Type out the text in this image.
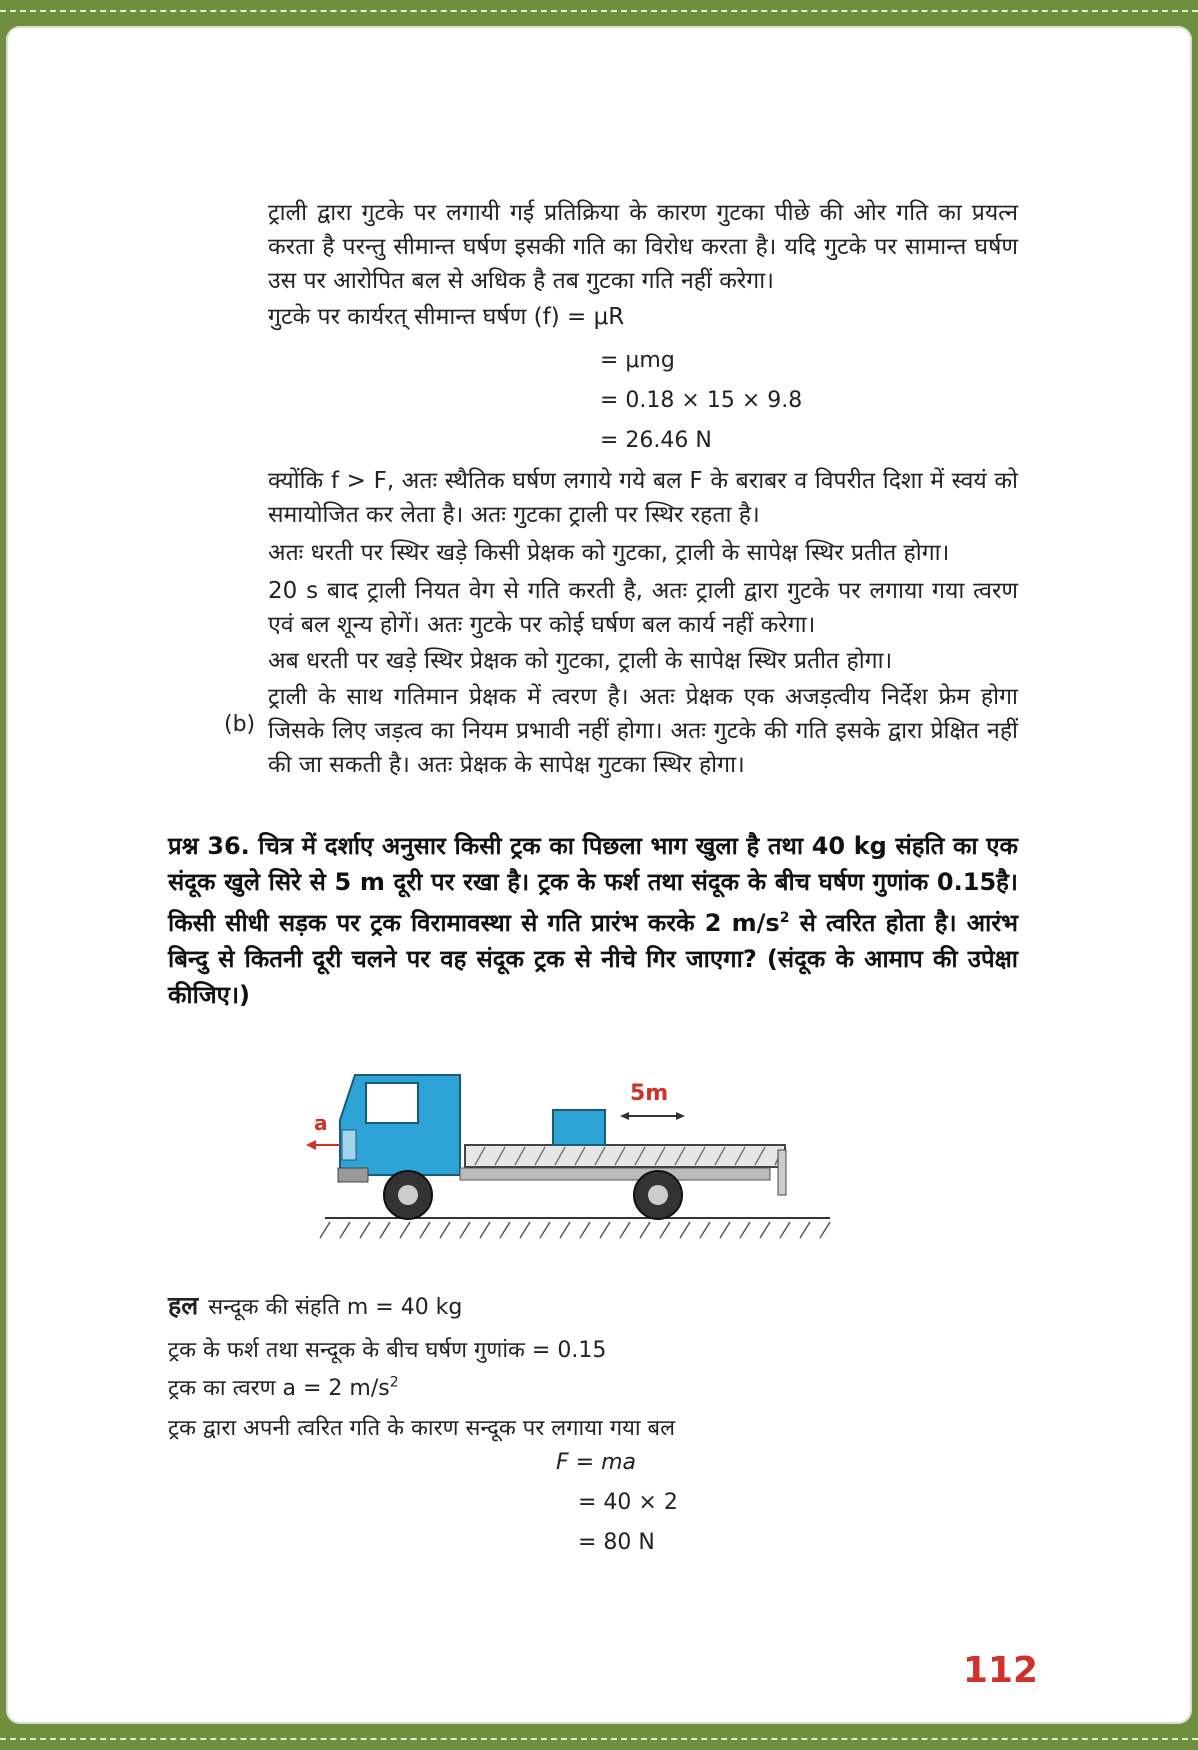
ट्राली द्वारा गुटके पर लगायी गई प्रतिक्रिया के कारण गुटका पीछे की ओर गति का प्रयत्न करता है परन्तु सीमान्त घर्षण इसकी गति का विरोध करता है। यदि गुटके पर सामान्त घर्षण उस पर आरोपित बल से अधिक है तब गुटका गति नहीं करेगा।

गुटके पर कार्यरत् सीमान्त घर्षण (f) = μR

= μmg
= 0.18 × 15 × 9.8
= 26.46 N

क्योंकि f > F, अतः स्थैतिक घर्षण लगाये गये बल F के बराबर व विपरीत दिशा में स्वयं को समायोजित कर लेता है। अतः गुटका ट्राली पर स्थिर रहता है।

अतः धरती पर स्थिर खड़े किसी प्रेक्षक को गुटका, ट्राली के सापेक्ष स्थिर प्रतीत होगा।

20 s बाद ट्राली नियत वेग से गति करती है, अतः ट्राली द्वारा गुटके पर लगाया गया त्वरण एवं बल शून्य होगें। अतः गुटके पर कोई घर्षण बल कार्य नहीं करेगा।

अब धरती पर खड़े स्थिर प्रेक्षक को गुटका, ट्राली के सापेक्ष स्थिर प्रतीत होगा।

ट्राली के साथ गतिमान प्रेक्षक में त्वरण है। अतः प्रेक्षक एक अजड़त्वीय निर्देश फ्रेम होगा जिसके लिए जड़त्व का नियम प्रभावी नहीं होगा। अतः गुटके की गति इसके द्वारा प्रेक्षित नहीं की जा सकती है। अतः प्रेक्षक के सापेक्ष गुटका स्थिर होगा।

(b)
प्रश्न 36. चित्र में दर्शाए अनुसार किसी ट्रक का पिछला भाग खुला है तथा 40 kg संहति का एक संदूक खुले सिरे से 5 m दूरी पर रखा है। ट्रक के फर्श तथा संदूक के बीच घर्षण गुणांक 0.15है। किसी सीधी सड़क पर ट्रक विरामावस्था से गति प्रारंभ करके 2 $m/s^2$ से त्वरित होता है। आरंभ बिन्दु से कितनी दूरी चलने पर वह संदूक ट्रक से नीचे गिर जाएगा? (संदूक के आमाप की उपेक्षा कीजिए।)
a
5m
हल सन्दूक की संहति m = 40 kg
ट्रक के फर्श तथा सन्दूक के बीच घर्षण गुणांक = 0.15
ट्रक का त्वरण a = 2 $m/s^2$
ट्रक द्वारा अपनी त्वरित गति के कारण सन्दूक पर लगाया गया बल
F = ma
= 40 × 2
= 80 N
112
